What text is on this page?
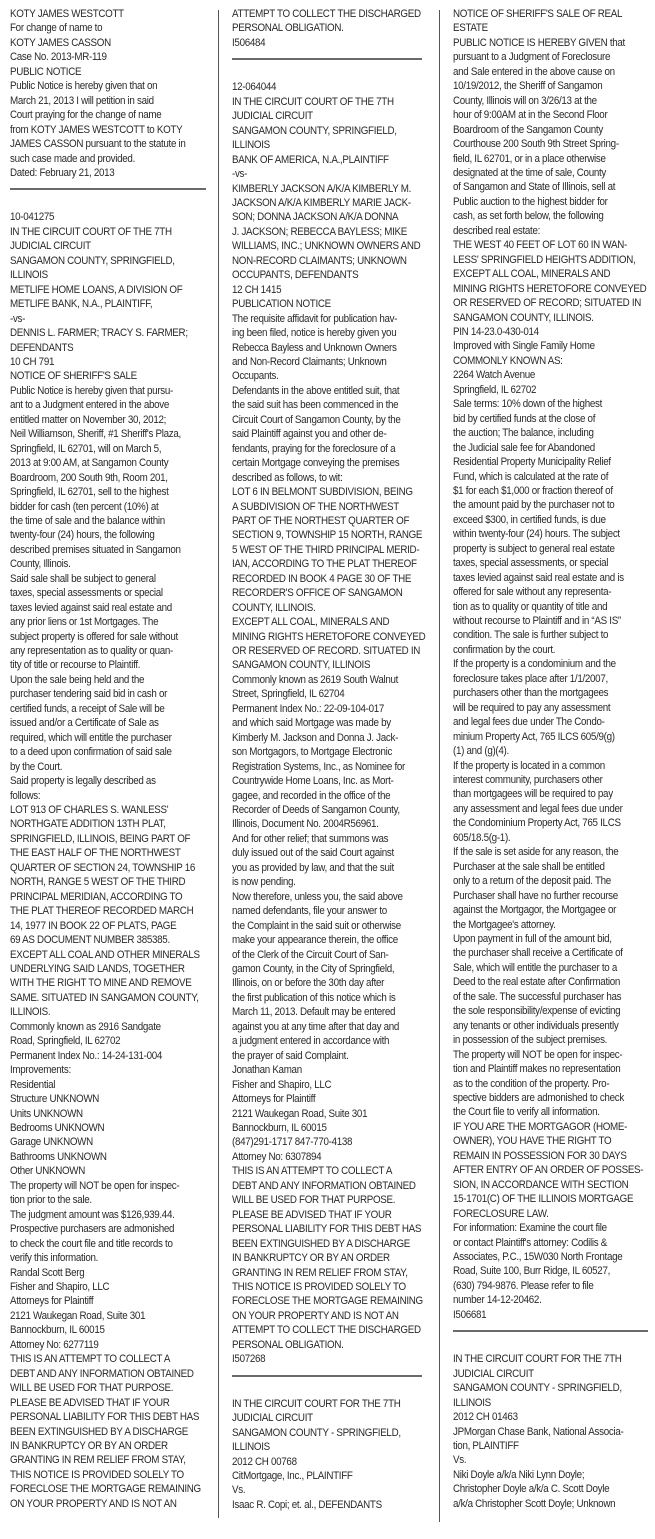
KOTY JAMES WESTCOTT
For change of name to
KOTY JAMES CASSON
Case No. 2013-MR-119
PUBLIC NOTICE
Public Notice is hereby given that on
March 21, 2013 I will petition in said
Court praying for the change of name
from KOTY JAMES WESTCOTT to KOTY
JAMES CASSON pursuant to the statute in
such case made and provided.
Dated: February 21, 2013
10-041275
IN THE CIRCUIT COURT OF THE 7TH
JUDICIAL CIRCUIT
SANGAMON COUNTY, SPRINGFIELD,
ILLINOIS
METLIFE HOME LOANS, A DIVISION OF
METLIFE BANK, N.A., PLAINTIFF,
-vs-
DENNIS L. FARMER; TRACY S. FARMER;
DEFENDANTS
10 CH 791
NOTICE OF SHERIFF'S SALE
Public Notice is hereby given that pursu-
ant to a Judgment entered in the above
entitled matter on November 30, 2012;
Neil Williamson, Sheriff, #1 Sheriff's Plaza,
Springfield, IL 62701, will on March 5,
2013 at 9:00 AM, at Sangamon County
Boardroom, 200 South 9th, Room 201,
Springfield, IL 62701, sell to the highest
bidder for cash (ten percent (10%) at
the time of sale and the balance within
twenty-four (24) hours, the following
described premises situated in Sangamon
County, Illinois.
Said sale shall be subject to general
taxes, special assessments or special
taxes levied against said real estate and
any prior liens or 1st Mortgages. The
subject property is offered for sale without
any representation as to quality or quan-
tity of title or recourse to Plaintiff.
Upon the sale being held and the
purchaser tendering said bid in cash or
certified funds, a receipt of Sale will be
issued and/or a Certificate of Sale as
required, which will entitle the purchaser
to a deed upon confirmation of said sale
by the Court.
Said property is legally described as
follows:
LOT 913 OF CHARLES S. WANLESS'
NORTHGATE ADDITION 13TH PLAT,
SPRINGFIELD, ILLINOIS, BEING PART OF
THE EAST HALF OF THE NORTHWEST
QUARTER OF SECTION 24, TOWNSHIP 16
NORTH, RANGE 5 WEST OF THE THIRD
PRINCIPAL MERIDIAN, ACCORDING TO
THE PLAT THEREOF RECORDED MARCH
14, 1977 IN BOOK 22 OF PLATS, PAGE
69 AS DOCUMENT NUMBER 385385.
EXCEPT ALL COAL AND OTHER MINERALS
UNDERLYING SAID LANDS, TOGETHER
WITH THE RIGHT TO MINE AND REMOVE
SAME. SITUATED IN SANGAMON COUNTY,
ILLINOIS.
Commonly known as 2916 Sandgate
Road, Springfield, IL 62702
Permanent Index No.: 14-24-131-004
Improvements:
Residential
Structure UNKNOWN
Units UNKNOWN
Bedrooms UNKNOWN
Garage UNKNOWN
Bathrooms UNKNOWN
Other UNKNOWN
The property will NOT be open for inspec-
tion prior to the sale.
The judgment amount was $126,939.44.
Prospective purchasers are admonished
to check the court file and title records to
verify this information.
Randal Scott Berg
Fisher and Shapiro, LLC
Attorneys for Plaintiff
2121 Waukegan Road, Suite 301
Bannockburn, IL 60015
Attorney No: 6277119
THIS IS AN ATTEMPT TO COLLECT A
DEBT AND ANY INFORMATION OBTAINED
WILL BE USED FOR THAT PURPOSE.
PLEASE BE ADVISED THAT IF YOUR
PERSONAL LIABILITY FOR THIS DEBT HAS
BEEN EXTINGUISHED BY A DISCHARGE
IN BANKRUPTCY OR BY AN ORDER
GRANTING IN REM RELIEF FROM STAY,
THIS NOTICE IS PROVIDED SOLELY TO
FORECLOSE THE MORTGAGE REMAINING
ON YOUR PROPERTY AND IS NOT AN
ATTEMPT TO COLLECT THE DISCHARGED
PERSONAL OBLIGATION.
I506484
12-064044
IN THE CIRCUIT COURT OF THE 7TH
JUDICIAL CIRCUIT
SANGAMON COUNTY, SPRINGFIELD,
ILLINOIS
BANK OF AMERICA, N.A.,PLAINTIFF
-vs-
KIMBERLY JACKSON A/K/A KIMBERLY M.
JACKSON A/K/A KIMBERLY MARIE JACK-
SON; DONNA JACKSON A/K/A DONNA
J. JACKSON; REBECCA BAYLESS; MIKE
WILLIAMS, INC.; UNKNOWN OWNERS AND
NON-RECORD CLAIMANTS; UNKNOWN
OCCUPANTS, DEFENDANTS
12 CH 1415
PUBLICATION NOTICE
The requisite affidavit for publication hav-
ing been filed, notice is hereby given you
Rebecca Bayless and Unknown Owners
and Non-Record Claimants; Unknown
Occupants.
Defendants in the above entitled suit, that
the said suit has been commenced in the
Circuit Court of Sangamon County, by the
said Plaintiff against you and other de-
fendants, praying for the foreclosure of a
certain Mortgage conveying the premises
described as follows, to wit:
LOT 6 IN BELMONT SUBDIVISION, BEING
A SUBDIVISION OF THE NORTHWEST
PART OF THE NORTHEST QUARTER OF
SECTION 9, TOWNSHIP 15 NORTH, RANGE
5 WEST OF THE THIRD PRINCIPAL MERID-
IAN, ACCORDING TO THE PLAT THEREOF
RECORDED IN BOOK 4 PAGE 30 OF THE
RECORDER'S OFFICE OF SANGAMON
COUNTY, ILLINOIS.
EXCEPT ALL COAL, MINERALS AND
MINING RIGHTS HERETOFORE CONVEYED
OR RESERVED OF RECORD. SITUATED IN
SANGAMON COUNTY, ILLINOIS
Commonly known as 2619 South Walnut
Street, Springfield, IL 62704
Permanent Index No.: 22-09-104-017
and which said Mortgage was made by
Kimberly M. Jackson and Donna J. Jack-
son Mortgagors, to Mortgage Electronic
Registration Systems, Inc., as Nominee for
Countrywide Home Loans, Inc. as Mort-
gagee, and recorded in the office of the
Recorder of Deeds of Sangamon County,
Illinois, Document No. 2004R56961.
And for other relief; that summons was
duly issued out of the said Court against
you as provided by law, and that the suit
is now pending.
Now therefore, unless you, the said above
named defendants, file your answer to
the Complaint in the said suit or otherwise
make your appearance therein, the office
of the Clerk of the Circuit Court of San-
gamon County, in the City of Springfield,
Illinois, on or before the 30th day after
the first publication of this notice which is
March 11, 2013. Default may be entered
against you at any time after that day and
a judgment entered in accordance with
the prayer of said Complaint.
Jonathan Kaman
Fisher and Shapiro, LLC
Attorneys for Plaintiff
2121 Waukegan Road, Suite 301
Bannockburn, IL 60015
(847)291-1717 847-770-4138
Attorney No: 6307894
THIS IS AN ATTEMPT TO COLLECT A
DEBT AND ANY INFORMATION OBTAINED
WILL BE USED FOR THAT PURPOSE.
PLEASE BE ADVISED THAT IF YOUR
PERSONAL LIABILITY FOR THIS DEBT HAS
BEEN EXTINGUISHED BY A DISCHARGE
IN BANKRUPTCY OR BY AN ORDER
GRANTING IN REM RELIEF FROM STAY,
THIS NOTICE IS PROVIDED SOLELY TO
FORECLOSE THE MORTGAGE REMAINING
ON YOUR PROPERTY AND IS NOT AN
ATTEMPT TO COLLECT THE DISCHARGED
PERSONAL OBLIGATION.
I507268
IN THE CIRCUIT COURT FOR THE 7TH
JUDICIAL CIRCUIT
SANGAMON COUNTY - SPRINGFIELD,
ILLINOIS
2012 CH 00768
CitMortgage, Inc., PLAINTIFF
Vs.
Isaac R. Copi; et. al., DEFENDANTS
NOTICE OF SHERIFF'S SALE OF REAL
ESTATE
PUBLIC NOTICE IS HEREBY GIVEN that
pursuant to a Judgment of Foreclosure
and Sale entered in the above cause on
10/19/2012, the Sheriff of Sangamon
County, Illinois will on 3/26/13 at the
hour of 9:00AM at in the Second Floor
Boardroom of the Sangamon County
Courthouse 200 South 9th Street Spring-
field, IL 62701, or in a place otherwise
designated at the time of sale, County
of Sangamon and State of Illinois, sell at
Public auction to the highest bidder for
cash, as set forth below, the following
described real estate:
THE WEST 40 FEET OF LOT 60 IN WAN-
LESS' SPRINGFIELD HEIGHTS ADDITION,
EXCEPT ALL COAL, MINERALS AND
MINING RIGHTS HERETOFORE CONVEYED
OR RESERVED OF RECORD; SITUATED IN
SANGAMON COUNTY, ILLINOIS.
PIN 14-23.0-430-014
Improved with Single Family Home
COMMONLY KNOWN AS:
2264 Watch Avenue
Springfield, IL 62702
Sale terms: 10% down of the highest
bid by certified funds at the close of
the auction; The balance, including
the Judicial sale fee for Abandoned
Residential Property Municipality Relief
Fund, which is calculated at the rate of
$1 for each $1,000 or fraction thereof of
the amount paid by the purchaser not to
exceed $300, in certified funds, is due
within twenty-four (24) hours. The subject
property is subject to general real estate
taxes, special assessments, or special
taxes levied against said real estate and is
offered for sale without any representa-
tion as to quality or quantity of title and
without recourse to Plaintiff and in “AS IS”
condition. The sale is further subject to
confirmation by the court.
If the property is a condominium and the
foreclosure takes place after 1/1/2007,
purchasers other than the mortgagees
will be required to pay any assessment
and legal fees due under The Condo-
minium Property Act, 765 ILCS 605/9(g)
(1) and (g)(4).
If the property is located in a common
interest community, purchasers other
than mortgagees will be required to pay
any assessment and legal fees due under
the Condominium Property Act, 765 ILCS
605/18.5(g-1).
If the sale is set aside for any reason, the
Purchaser at the sale shall be entitled
only to a return of the deposit paid. The
Purchaser shall have no further recourse
against the Mortgagor, the Mortgagee or
the Mortgagee's attorney.
Upon payment in full of the amount bid,
the purchaser shall receive a Certificate of
Sale, which will entitle the purchaser to a
Deed to the real estate after Confirmation
of the sale. The successful purchaser has
the sole responsibility/expense of evicting
any tenants or other individuals presently
in possession of the subject premises.
The property will NOT be open for inspec-
tion and Plaintiff makes no representation
as to the condition of the property. Pro-
spective bidders are admonished to check
the Court file to verify all information.
IF YOU ARE THE MORTGAGOR (HOME-
OWNER), YOU HAVE THE RIGHT TO
REMAIN IN POSSESSION FOR 30 DAYS
AFTER ENTRY OF AN ORDER OF POSSES-
SION, IN ACCORDANCE WITH SECTION
15-1701(C) OF THE ILLINOIS MORTGAGE
FORECLOSURE LAW.
For information: Examine the court file
or contact Plaintiff's attorney: Codilis &
Associates, P.C., 15W030 North Frontage
Road, Suite 100, Burr Ridge, IL 60527,
(630) 794-9876. Please refer to file
number 14-12-20462.
I506681
IN THE CIRCUIT COURT FOR THE 7TH
JUDICIAL CIRCUIT
SANGAMON COUNTY - SPRINGFIELD,
ILLINOIS
2012 CH 01463
JPMorgan Chase Bank, National Associa-
tion, PLAINTIFF
Vs.
Niki Doyle a/k/a Niki Lynn Doyle;
Christopher Doyle a/k/a C. Scott Doyle
a/k/a Christopher Scott Doyle; Unknown
